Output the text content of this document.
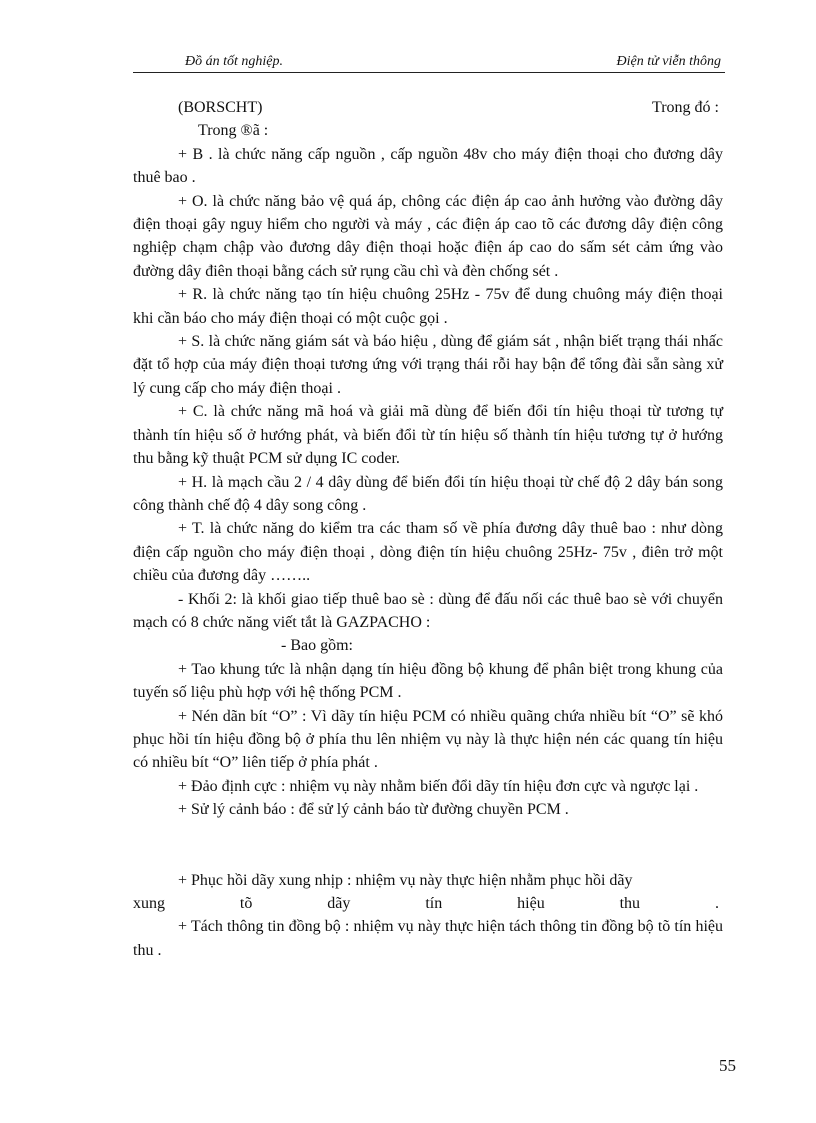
Đồ án tốt nghiệp.	Điện tử viễn thông
(BORSCHT)	Trong đó :

Trong ®ã :

+ B . là chức năng cấp nguồn , cấp nguồn 48v cho máy điện thoại cho đương dây thuê bao .

+ O. là chức năng bảo vệ quá áp, chông các điện áp cao ảnh hưởng vào đường dây điện thoại gây nguy hiểm cho người và máy , các điện áp cao tõ các đương dây điện công nghiệp chạm chập vào đương dây điện thoại hoặc điện áp cao do sấm sét cảm ứng vào đường dây điên thoại bằng cách sử rụng cầu chì và đèn chống sét .

+ R. là chức năng tạo tín hiệu chuông 25Hz - 75v để dung chuông máy điện thoại khi cần báo cho máy điện thoại có một cuộc gọi .

+ S. là chức năng giám sát và báo hiệu , dùng để giám sát , nhận biết trạng thái nhấc đặt tổ hợp của máy điện thoại tương ứng với trạng thái rỗi hay bận để tổng đài sẵn sàng xử lý cung cấp cho máy điện thoại .

+ C. là chức năng mã hoá và giải mã dùng để biến đổi tín hiệu thoại từ tương tự thành tín hiệu số ở hướng phát, và biến đổi từ tín hiệu số thành tín hiệu tương tự ở hướng thu bằng kỹ thuật PCM sử dụng IC coder.

+ H. là mạch cầu 2 / 4 dây dùng để biến đổi tín hiệu thoại từ chế độ 2 dây bán song công thành chế độ 4 dây song công .

+ T. là chức năng do kiểm tra các tham số về phía đương dây thuê bao : như dòng điện cấp nguồn cho máy điện thoại , dòng điện tín hiệu chuông 25Hz- 75v , điên trở một chiều của đương dây ……..

- Khối 2: là khối giao tiếp thuê bao sè : dùng để đấu nối các thuê bao sè với chuyển mạch có 8 chức năng viết tắt là GAZPACHO :

- Bao gồm:

+ Tao khung tức là nhận dạng tín hiệu đồng bộ khung để phân biệt trong khung của tuyến số liệu phù hợp với hệ thống PCM .

+ Nén dãn bít “O” : Vì dãy tín hiệu PCM có nhiều quãng chứa nhiều bít “O” sẽ khó phục hồi tín hiệu đồng bộ ở phía thu lên nhiệm vụ này là thực hiện nén các quang tín hiệu có nhiều bít “O” liên tiếp ở phía phát .

+ Đảo định cực : nhiệm vụ này nhằm biến đổi dãy tín hiệu đơn cực và ngược lại .

+ Sử lý cảnh báo : để sử lý cảnh báo từ đường chuyền PCM .

+ Phục hồi dãy xung nhịp : nhiệm vụ này thực hiện nhằm phục hồi dãy

xung	tõ	dãy	tín	hiệu	thu	.

+ Tách thông tin đồng bộ : nhiệm vụ này thực hiện tách thông tin đồng bộ tõ tín hiệu thu .

55
